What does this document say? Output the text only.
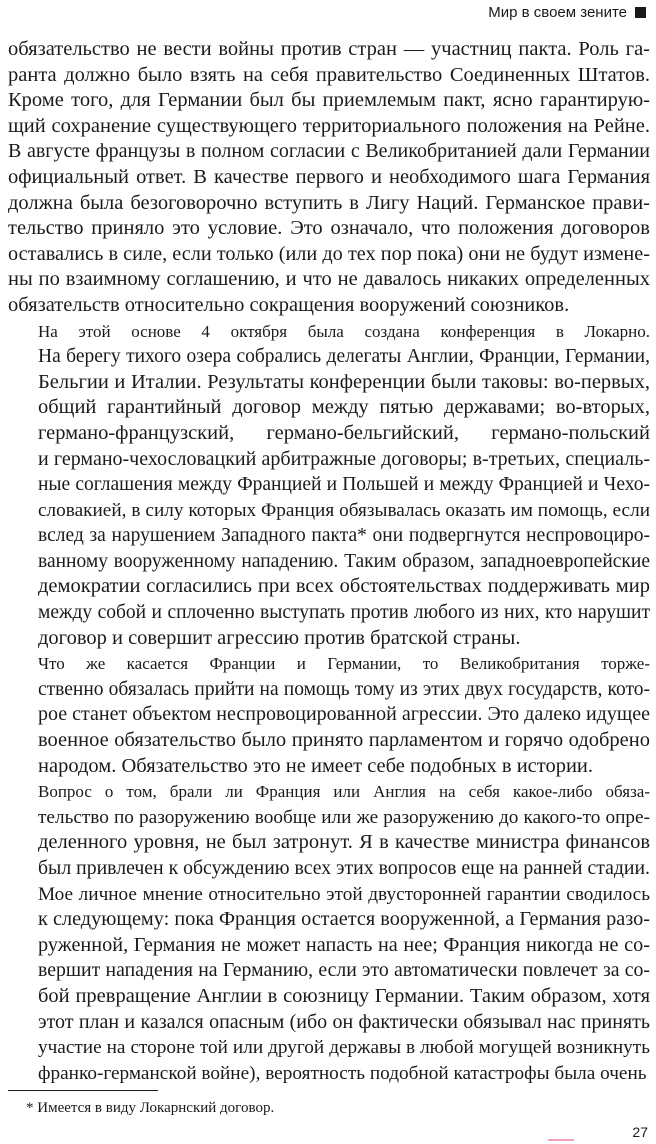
Мир в своем зените
обязательство не вести войны против стран — участниц пакта. Роль га-
ранта должно было взять на себя правительство Соединенных Штатов.
Кроме того, для Германии был бы приемлемым пакт, ясно гарантирую-
щий сохранение существующего территориального положения на Рейне.
В августе французы в полном согласии с Великобританией дали Германии
официальный ответ. В качестве первого и необходимого шага Германия
должна была безоговорочно вступить в Лигу Наций. Германское прави-
тельство приняло это условие. Это означало, что положения договоров
оставались в силе, если только (или до тех пор пока) они не будут измене-
ны по взаимному соглашению, и что не давалось никаких определенных
обязательств относительно сокращения вооружений союзников.
На этой основе 4 октября была создана конференция в Локарно.
На берегу тихого озера собрались делегаты Англии, Франции, Германии,
Бельгии и Италии. Результаты конференции были таковы: во-первых,
общий гарантийный договор между пятью державами; во-вторых,
германо-французский, германо-бельгийский, германо-польский
и германо-чехословацкий арбитражные договоры; в-третьих, специаль-
ные соглашения между Францией и Польшей и между Францией и Чехо-
словакией, в силу которых Франция обязывалась оказать им помощь, если
вслед за нарушением Западного пакта* они подвергнутся неспровоциро-
ванному вооруженному нападению. Таким образом, западноевропейские
демократии согласились при всех обстоятельствах поддерживать мир
между собой и сплоченно выступать против любого из них, кто нарушит
договор и совершит агрессию против братской страны.
Что же касается Франции и Германии, то Великобритания торже-
ственно обязалась прийти на помощь тому из этих двух государств, кото-
рое станет объектом неспровоцированной агрессии. Это далеко идущее
военное обязательство было принято парламентом и горячо одобрено
народом. Обязательство это не имеет себе подобных в истории.
Вопрос о том, брали ли Франция или Англия на себя какое-либо обяза-
тельство по разоружению вообще или же разоружению до какого-то опре-
деленного уровня, не был затронут. Я в качестве министра финансов
был привлечен к обсуждению всех этих вопросов еще на ранней стадии.
Мое личное мнение относительно этой двусторонней гарантии сводилось
к следующему: пока Франция остается вооруженной, а Германия разо-
руженной, Германия не может напасть на нее; Франция никогда не со-
вершит нападения на Германию, если это автоматически повлечет за со-
бой превращение Англии в союзницу Германии. Таким образом, хотя
этот план и казался опасным (ибо он фактически обязывал нас принять
участие на стороне той или другой державы в любой могущей возникнуть
франко-германской войне), вероятность подобной катастрофы была очень
* Имеется в виду Локарнский договор.
27
